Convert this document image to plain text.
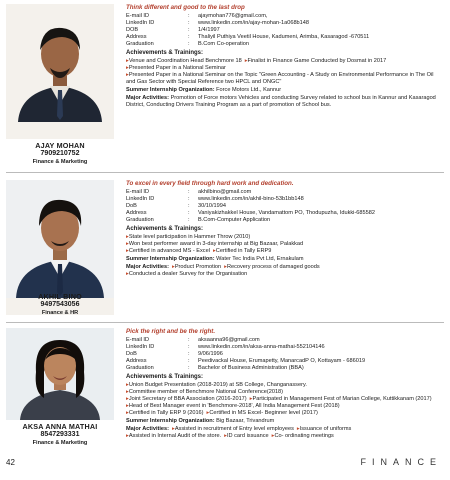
AJAY MOHAN
7909210752
Finance & Marketing
Think different and good to the last drop
E-mail ID	:	ajaymohan776@gmail.com,
LinkedIn ID	:	www.linkedin.com/in/ajay-mohan-1a068b148
DOB	:	1/4/1997
Address	:	Thaliyil Puthiya Veetil House, Kadumeni, Arimba, Kasaragod -670511
Graduation	:	B.Com Co-operation
Achievements & Trainings:
▸ Venue and Coordination Head Benchmore 18	▸ Finalist in Finance Game Conducted by Dosmat in 2017
▸ Presented Paper in a National Seminar
▸ Presented Paper in a National Seminar on the Topic "Green Accounting - A Study on Environmental Performance in The Oil and Gas Sector with Special Reference two HPCL and ONGC"
Summer Internship Organization: Force Motors Ltd., Kannur
Major Activities: Promotion of Force motors Vehicles and conducting Survey related to school bus in Kannur and Kasaragod District, Conducting Drivers Training Program as a part of promotion of School bus.
AKHIL BINO
9497543056
Finance & HR
To excel in every field through hard work and dedication.
E-mail ID	:	akhilbino@gmail.com
LinkedIn ID	:	www.linkedin.com/in/akhil-bino-53b1bb148
DoB	:	30/10/1994
Address	:	Vaniyakizhakkel House, Vandamattom PO, Thodupuzha, Idukki-685582
Graduation	:	B.Com-Computer Application
Achievements & Trainings:
▸ State level participation in Hammer Throw (2010)
▸ Won best performer award in 3-day internship at Big Bazaar, Palakkad
▸ Certified in advanced MS - Excel	▸ Certified in Tally ERP9
Summer Internship Organization: Water Tec India Pvt Ltd, Ernakulam
Major Activities:	▸ Product Promotion	▸ Recovery process of damaged goods
▸ Conducted a dealer Survey for the Organisation
AKSA ANNA MATHAI
8547293331
Finance & Marketing
Pick the right and be the right.
E-mail ID	:	aksaanna96@gmail.com
LinkedIn ID	:	www.linkedin.com/in/aksa-anna-mathai-552104146
DoB	:	9/06/1996
Address	:	Peedivackal House, Erumapetty, ManarcadP O, Kottayam - 686019
Graduation	:	Bachelor of Business Administration (BBA)
Achievements & Trainings:
▸ Union Budget Presentation (2018-2019) at SB College, Changanassery.
▸ Committee member of Benchmore National Conference(2018)
▸ Joint Secretary of BBA Association (2016-2017)	▸ Participated in Management Fest of Marian College, Kuttikkanam (2017)
▸ Head of Best Manager event in 'Benchmore-2018', All India Management Fest (2018)
▸ Certified in Tally ERP 9 (2016)	▸ Certified in MS Excel- Beginner level (2017)
Summer Internship Organization: Big Bazaar, Trivandrum
Major Activities:	▸ Assisted in recruitment of Entry level employees	▸ Issuance of uniforms
▸ Assisted in Internal Audit of the store.	▸ ID card issuance	▸ Co- ordinating meetings
42	FINANCE
